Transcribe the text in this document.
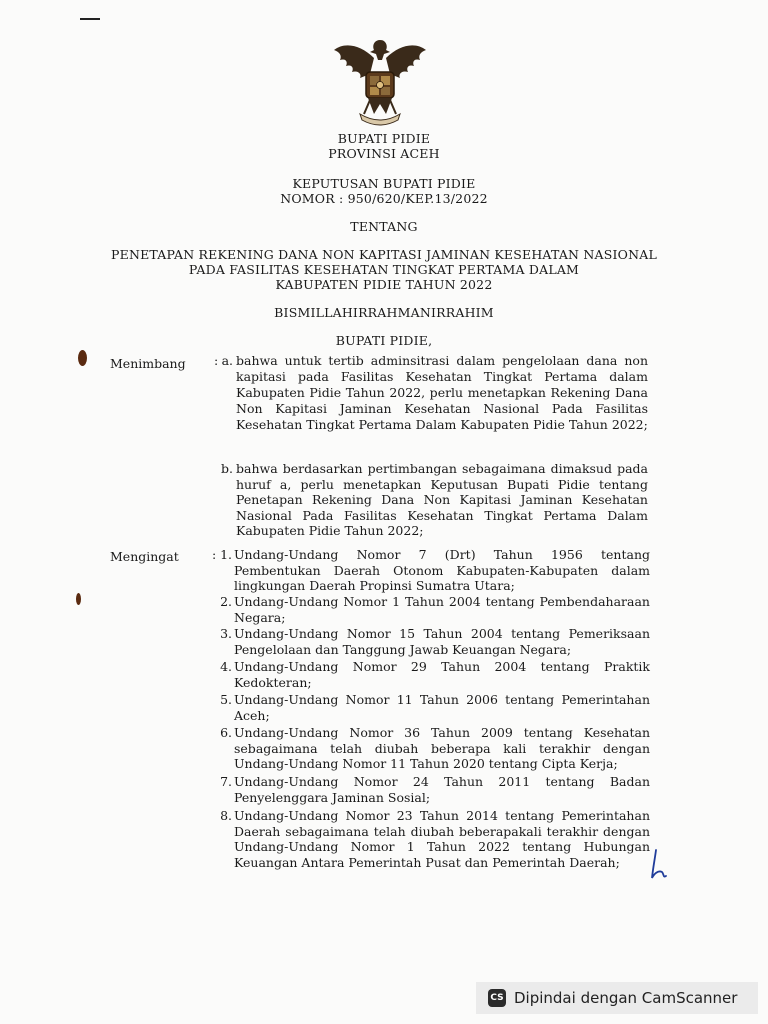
BUPATI PIDIE
PROVINSI ACEH
KEPUTUSAN BUPATI PIDIE
NOMOR : 950/620/KEP.13/2022
TENTANG
PENETAPAN REKENING DANA NON KAPITASI JAMINAN KESEHATAN NASIONAL
PADA FASILITAS KESEHATAN TINGKAT PERTAMA DALAM
KABUPATEN PIDIE TAHUN 2022
BISMILLAHIRRAHMANIRRAHIM
BUPATI PIDIE,
Menimbang : a. bahwa untuk tertib adminsitrasi dalam pengelolaan dana non kapitasi pada Fasilitas Kesehatan Tingkat Pertama dalam Kabupaten Pidie Tahun 2022, perlu menetapkan Rekening Dana Non Kapitasi Jaminan Kesehatan Nasional Pada Fasilitas Kesehatan Tingkat Pertama Dalam Kabupaten Pidie Tahun 2022;
b. bahwa berdasarkan pertimbangan sebagaimana dimaksud pada huruf a, perlu menetapkan Keputusan Bupati Pidie tentang Penetapan Rekening Dana Non Kapitasi Jaminan Kesehatan Nasional Pada Fasilitas Kesehatan Tingkat Pertama Dalam Kabupaten Pidie Tahun 2022;
Mengingat	: 1. Undang-Undang Nomor 7 (Drt) Tahun 1956 tentang Pembentukan Daerah Otonom Kabupaten-Kabupaten dalam lingkungan Daerah Propinsi Sumatra Utara;
2. Undang-Undang Nomor 1 Tahun 2004 tentang Pembendaharaan Negara;
3. Undang-Undang Nomor 15 Tahun 2004 tentang Pemeriksaan Pengelolaan dan Tanggung Jawab Keuangan Negara;
4. Undang-Undang Nomor 29 Tahun 2004 tentang Praktik Kedokteran;
5. Undang-Undang Nomor 11 Tahun 2006 tentang Pemerintahan Aceh;
6. Undang-Undang Nomor 36 Tahun 2009 tentang Kesehatan sebagaimana telah diubah beberapa kali terakhir dengan Undang-Undang Nomor 11 Tahun 2020 tentang Cipta Kerja;
7. Undang-Undang Nomor 24 Tahun 2011 tentang Badan Penyelenggara Jaminan Sosial;
8. Undang-Undang Nomor 23 Tahun 2014 tentang Pemerintahan Daerah sebagaimana telah diubah beberapakali terakhir dengan Undang-Undang Nomor 1 Tahun 2022 tentang Hubungan Keuangan Antara Pemerintah Pusat dan Pemerintah Daerah;
CS Dipindai dengan CamScanner
